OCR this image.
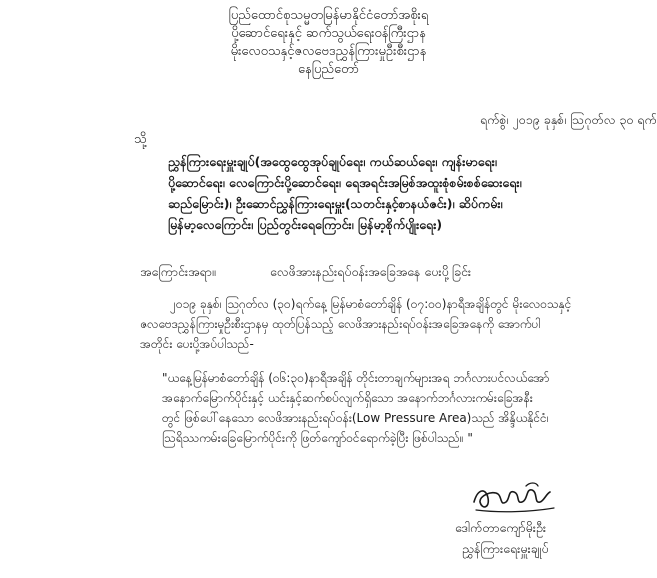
ပြည်ထောင်စုသမ္မတမြန်မာနိုင်ငံတော်အစိုးရ
ပို့ဆောင်ရေးနှင့် ဆက်သွယ်ရေးဝန်ကြီးဌာန
မိုးလေဝသနှင့်ဇလဗေဒညွှန်ကြားမှုဦးစီးဌာန
နေပြည်တော်
ရက်စွဲ၊ ၂၀၁၉ ခုနှစ်၊ ဩဂုတ်လ ၃၀ ရက်
သို့
ညွှန်ကြားရေးမှူးချုပ်(အထွေထွေအုပ်ချုပ်ရေး၊ ကယ်ဆယ်ရေး၊ ကျန်းမာရေး၊
ပို့ဆောင်ရေး၊ လေကြောင်းပို့ဆောင်ရေး၊ ရေအရင်းအမြစ်အထူးစုံစမ်းစစ်ဆေးရေး၊
ဆည်မြောင်း)၊ ဦးဆောင်ညွှန်ကြားရေးမှူး(သတင်းနှင့်စာနယ်ဇင်း)၊ ဆိပ်ကမ်း၊
မြန်မာ့လေကြောင်း၊ ပြည်တွင်းရေကြောင်း၊ မြန်မာ့စိုက်ပျိုးရေး)
အကြောင်းအရာ။	လေဖိအားနည်းရပ်ဝန်းအခြေအနေ ပေးပို့ခြင်း
၂၀၁၉ ခုနှစ်၊ ဩဂုတ်လ (၃၀)ရက်နေ့ မြန်မာစံတော်ချိန် (၀၇:၀၀)နာရီအချိန်တွင် မိုးလေဝသနှင့်
ဇလဗေဒညွှန်ကြားမှုဦးစီးဌာနမှ ထုတ်ပြန်သည့် လေဖိအားနည်းရပ်ဝန်းအခြေအနေကို အောက်ပါ
အတိုင်း ပေးပို့အပ်ပါသည်-
"ယနေ့မြန်မာစံတော်ချိန် (၀၆:၃၀)နာရီအချိန် တိုင်းတာချက်များအရ ဘင်္ဂလားပင်လယ်အော်
အနောက်မြောက်ပိုင်းနှင့် ယင်းနှင့်ဆက်စပ်လျက်ရှိသော အနောက်ဘင်္ဂလားကမ်းခြေအနီး
တွင် ဖြစ်ပေါ်နေသော လေဖိအားနည်းရပ်ဝန်း(Low Pressure Area)သည် အိန္ဒိယနိုင်ငံ၊
ဩရိဿကမ်းခြေမြောက်ပိုင်းကို ဖြတ်ကျော်ဝင်ရောက်ခဲ့ပြီး ဖြစ်ပါသည်။ "
ဒေါက်တာကျော်မိုးဦး
ညွှန်ကြားရေးမှူးချုပ်
